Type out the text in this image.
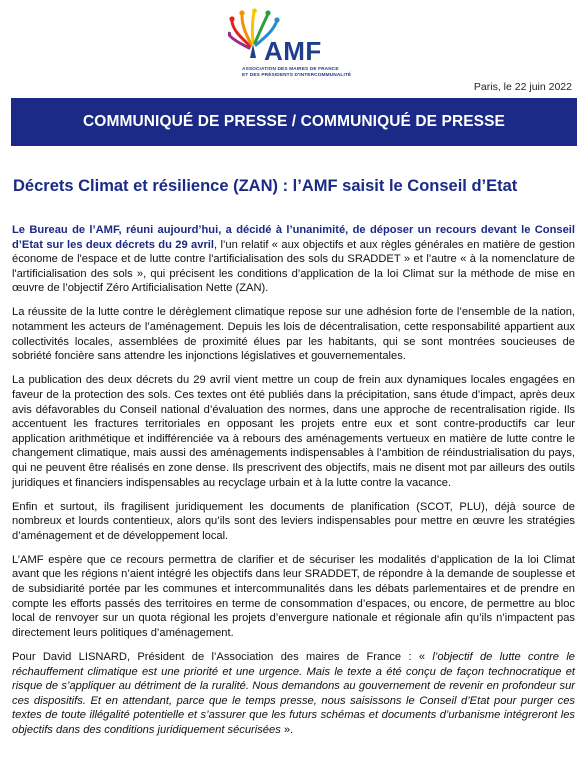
AMF
ASSOCIATION DES MAIRES DE FRANCE
ET DES PRÉSIDENTS D'INTERCOMMUNALITÉ
Paris, le 22 juin 2022
COMMUNIQUÉ DE PRESSE / COMMUNIQUÉ DE PRESSE
Décrets Climat et résilience (ZAN) : l’AMF saisit le Conseil d’Etat

Le Bureau de l’AMF, réuni aujourd’hui, a décidé à l’unanimité, de déposer un recours devant le Conseil d’Etat sur les deux décrets du 29 avril, l’un relatif « aux objectifs et aux règles générales en matière de gestion économe de l'espace et de lutte contre l'artificialisation des sols du SRADDET » et l’autre « à la nomenclature de l'artificialisation des sols », qui précisent les conditions d’application de la loi Climat sur la méthode de mise en œuvre de l’objectif Zéro Artificialisation Nette (ZAN).

La réussite de la lutte contre le dérèglement climatique repose sur une adhésion forte de l’ensemble de la nation, notamment les acteurs de l’aménagement. Depuis les lois de décentralisation, cette responsabilité appartient aux collectivités locales, assemblées de proximité élues par les habitants, qui se sont montrées soucieuses de sobriété foncière sans attendre les injonctions législatives et gouvernementales.

La publication des deux décrets du 29 avril vient mettre un coup de frein aux dynamiques locales engagées en faveur de la protection des sols. Ces textes ont été publiés dans la précipitation, sans étude d’impact, après deux avis défavorables du Conseil national d’évaluation des normes, dans une approche de recentralisation rigide. Ils accentuent les fractures territoriales en opposant les projets entre eux et sont contre-productifs car leur application arithmétique et indifférenciée va à rebours des aménagements vertueux en matière de lutte contre le changement climatique, mais aussi des aménagements indispensables à l’ambition de réindustrialisation du pays, qui ne peuvent être réalisés en zone dense. Ils prescrivent des objectifs, mais ne disent mot par ailleurs des outils juridiques et financiers indispensables au recyclage urbain et à la lutte contre la vacance.

Enfin et surtout, ils fragilisent juridiquement les documents de planification (SCOT, PLU), déjà source de nombreux et lourds contentieux, alors qu’ils sont des leviers indispensables pour mettre en œuvre les stratégies d’aménagement et de développement local.

L’AMF espère que ce recours permettra de clarifier et de sécuriser les modalités d’application de la loi Climat avant que les régions n’aient intégré les objectifs dans leur SRADDET, de répondre à la demande de souplesse et de subsidiarité portée par les communes et intercommunalités dans les débats parlementaires et de prendre en compte les efforts passés des territoires en terme de consommation d’espaces, ou encore, de permettre au bloc local de renvoyer sur un quota régional les projets d’envergure nationale et régionale afin qu’ils n’impactent pas directement leurs politiques d’aménagement.

Pour David LISNARD, Président de l’Association des maires de France : « l’objectif de lutte contre le réchauffement climatique est une priorité et une urgence. Mais le texte a été conçu de façon technocratique et risque de s’appliquer au détriment de la ruralité. Nous demandons au gouvernement de revenir en profondeur sur ces dispositifs. Et en attendant, parce que le temps presse, nous saisissons le Conseil d’Etat pour purger ces textes de toute illégalité potentielle et s’assurer que les futurs schémas et documents d’urbanisme intégreront les objectifs dans des conditions juridiquement sécurisées ».
